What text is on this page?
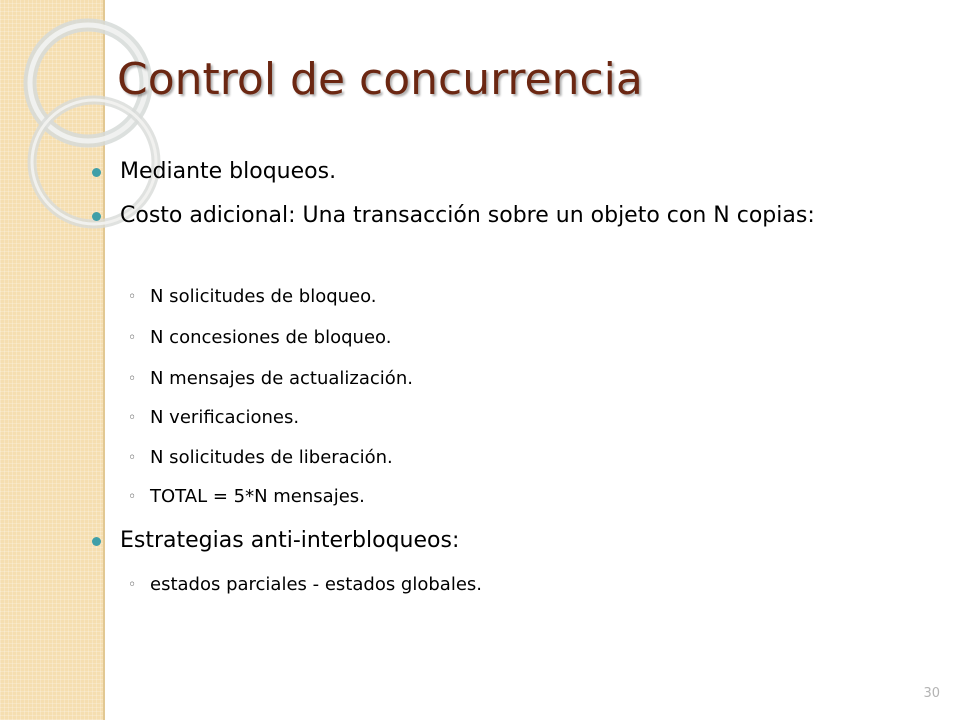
Control de concurrencia
Mediante bloqueos.
Costo adicional: Una transacción sobre un objeto con N copias:
◦ N solicitudes de bloqueo.
◦ N concesiones de bloqueo.
◦ N mensajes de actualización.
◦ N verificaciones.
◦ N solicitudes de liberación.
◦ TOTAL = 5*N mensajes.
Estrategias anti-interbloqueos:
◦ estados parciales - estados globales.
30
